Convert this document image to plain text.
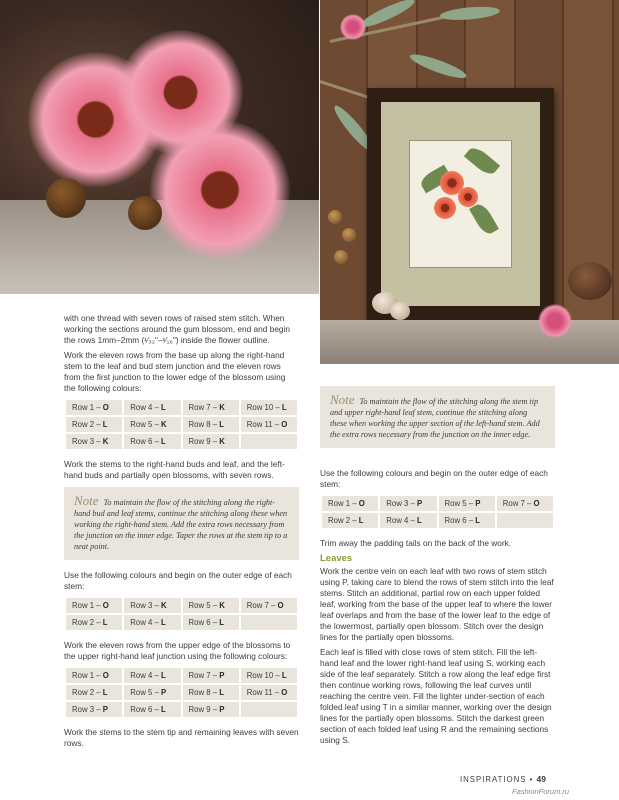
with one thread with seven rows of raised stem stitch. When working the sections around the gum blossom, end and begin the rows 1mm–2mm (¹⁄₃₂"–¹⁄₁₆") inside the flower outline.

Work the eleven rows from the base up along the right-hand stem to the leaf and bud stem junction and the eleven rows from the first junction to the lower edge of the blossom using the following colours:

Row 1 – O	Row 4 – L	Row 7 – K	Row 10 – L
Row 2 – L	Row 5 – K	Row 8 – L	Row 11 – O
Row 3 – K	Row 6 – L	Row 9 – K	

Work the stems to the right-hand buds and leaf, and the left-hand buds and partially open blossoms, with seven rows.

Note To maintain the flow of the stitching along the right-hand bud and leaf stems, continue the stitching along these when working the right-hand stem. Add the extra rows necessary from the junction on the inner edge. Taper the rows at the stem tip to a neat point.

Use the following colours and begin on the outer edge of each stem:

Row 1 – O	Row 3 – K	Row 5 – K	Row 7 – O
Row 2 – L	Row 4 – L	Row 6 – L	

Work the eleven rows from the upper edge of the blossoms to the upper right-hand leaf junction using the following colours:

Row 1 – O	Row 4 – L	Row 7 – P	Row 10 – L
Row 2 – L	Row 5 – P	Row 8 – L	Row 11 – O
Row 3 – P	Row 6 – L	Row 9 – P	

Work the stems to the stem tip and remaining leaves with seven rows.

Note To maintain the flow of the stitching along the stem tip and upper right-hand leaf stem, continue the stitching along these when working the upper section of the left-hand stem. Add the extra rows necessary from the junction on the inner edge.

Use the following colours and begin on the outer edge of each stem:

Row 1 – O	Row 3 – P	Row 5 – P	Row 7 – O
Row 2 – L	Row 4 – L	Row 6 – L	

Trim away the padding tails on the back of the work.

Leaves

Work the centre vein on each leaf with two rows of stem stitch using P, taking care to blend the rows of stem stitch into the leaf stems. Stitch an additional, partial row on each upper folded leaf, working from the base of the upper leaf to where the lower leaf overlaps and from the base of the lower leaf to the edge of the lowermost, partially open blossom. Stitch over the design lines for the partially open blossoms.

Each leaf is filled with close rows of stem stitch. Fill the left-hand leaf and the lower right-hand leaf using S, working each side of the leaf separately. Stitch a row along the leaf edge first then continue working rows, following the leaf curves until reaching the centre vein. Fill the lighter under-section of each folded leaf using T in a similar manner, working over the design lines for the partially open blossoms. Stitch the darkest green section of each folded leaf using R and the remaining sections using S.

INSPIRATIONS • 49
FashionForum.ru
